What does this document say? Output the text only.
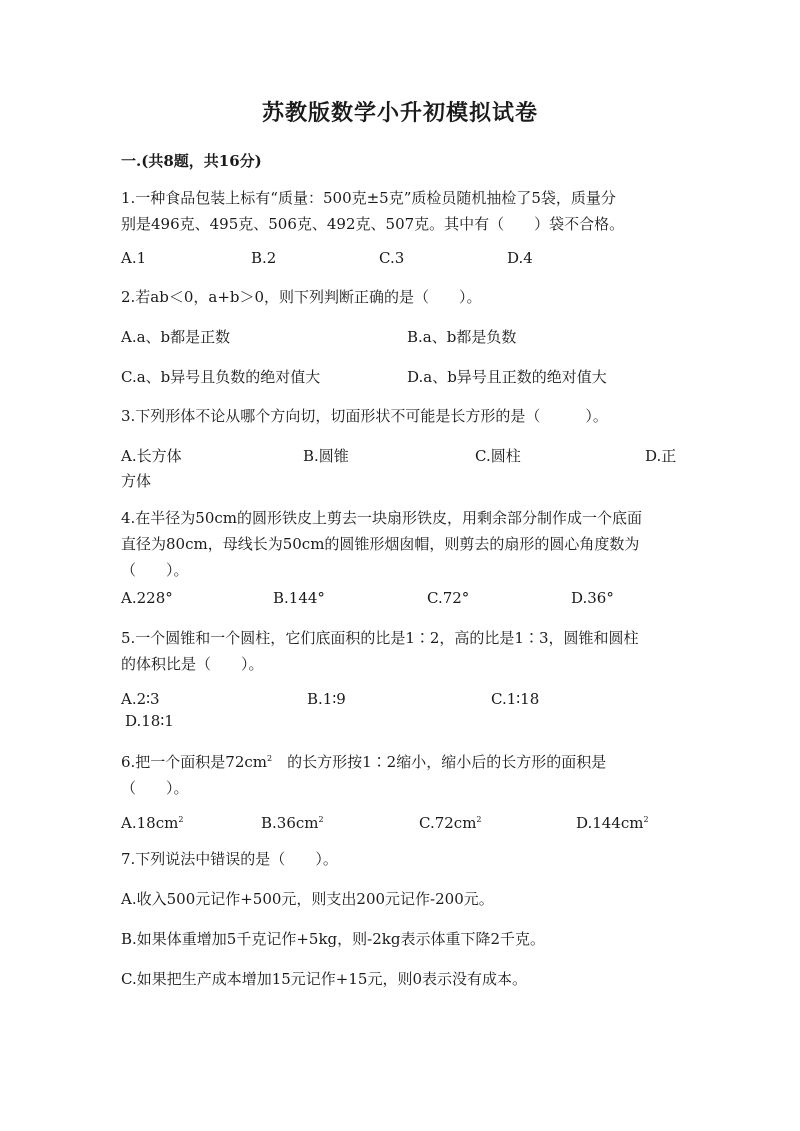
苏教版数学小升初模拟试卷
一.(共8题，共16分)
1.一种食品包装上标有“质量：500克±5克”质检员随机抽检了5袋，质量分
别是496克、495克、506克、492克、507克。其中有（　　）袋不合格。
A.1	B.2	C.3	D.4
2.若ab＜0，a+b＞0，则下列判断正确的是（　　）。
A.a、b都是正数	B.a、b都是负数
C.a、b异号且负数的绝对值大	D.a、b异号且正数的绝对值大
3.下列形体不论从哪个方向切，切面形状不可能是长方形的是（　　　）。
A.长方体	B.圆锥	C.圆柱	D.正
方体
4.在半径为50cm的圆形铁皮上剪去一块扇形铁皮，用剩余部分制作成一个底面
直径为80cm，母线长为50cm的圆锥形烟囱帽，则剪去的扇形的圆心角度数为
（　　）。
A.228°	B.144°	C.72°	D.36°
5.一个圆锥和一个圆柱，它们底面积的比是1∶2，高的比是1∶3，圆锥和圆柱
的体积比是（　　）。
A.2∶3	B.1∶9	C.1∶18
D.18∶1
6.把一个面积是$72cm^2$　的长方形按1∶2缩小，缩小后的长方形的面积是
（　　）。
$A.18cm^2$	$B.36cm^2$	$C.72cm^2$	$D.144cm^2$
7.下列说法中错误的是（　　）。
A.收入500元记作+500元，则支出200元记作-200元。
B.如果体重增加5千克记作+5kg，则-2kg表示体重下降2千克。
C.如果把生产成本增加15元记作+15元，则0表示没有成本。
